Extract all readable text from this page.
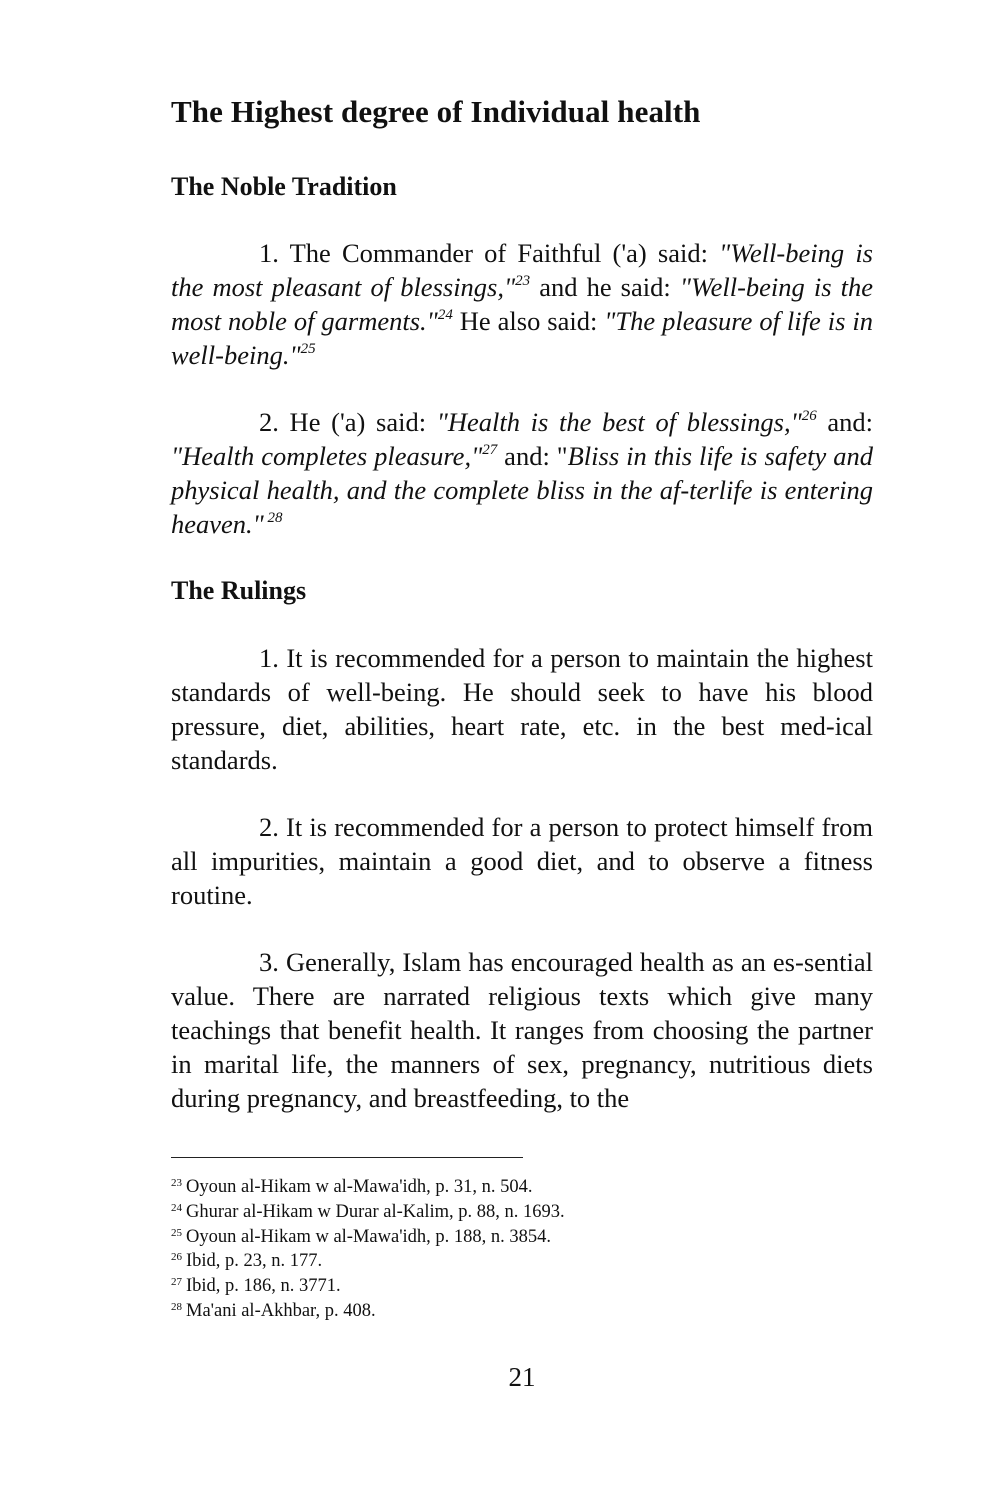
The Highest degree of Individual health
The Noble Tradition

1. The Commander of Faithful ('a) said: "Well-being is the most pleasant of blessings,"$^{23}$ and he said: "Well-being is the most noble of garments."$^{24}$ He also said: "The pleasure of life is in well-being."$^{25}$

2. He ('a) said: "Health is the best of blessings,"$^{26}$ and: "Health completes pleasure,"$^{27}$ and: "Bliss in this life is safety and physical health, and the complete bliss in the af-terlife is entering heaven." $^{28}$

The Rulings

1. It is recommended for a person to maintain the highest standards of well-being. He should seek to have his blood pressure, diet, abilities, heart rate, etc. in the best med-ical standards.

2. It is recommended for a person to protect himself from all impurities, maintain a good diet, and to observe a fitness routine.

3. Generally, Islam has encouraged health as an es-sential value. There are narrated religious texts which give many teachings that benefit health. It ranges from choosing the partner in marital life, the manners of sex, pregnancy, nutritious diets during pregnancy, and breastfeeding, to the

$^{23}$ Oyoun al-Hikam w al-Mawa'idh, p. 31, n. 504.
$^{24}$ Ghurar al-Hikam w Durar al-Kalim, p. 88, n. 1693.
$^{25}$ Oyoun al-Hikam w al-Mawa'idh, p. 188, n. 3854.
$^{26}$ Ibid, p. 23, n. 177.
$^{27}$ Ibid, p. 186, n. 3771.
$^{28}$ Ma'ani al-Akhbar, p. 408.
21
